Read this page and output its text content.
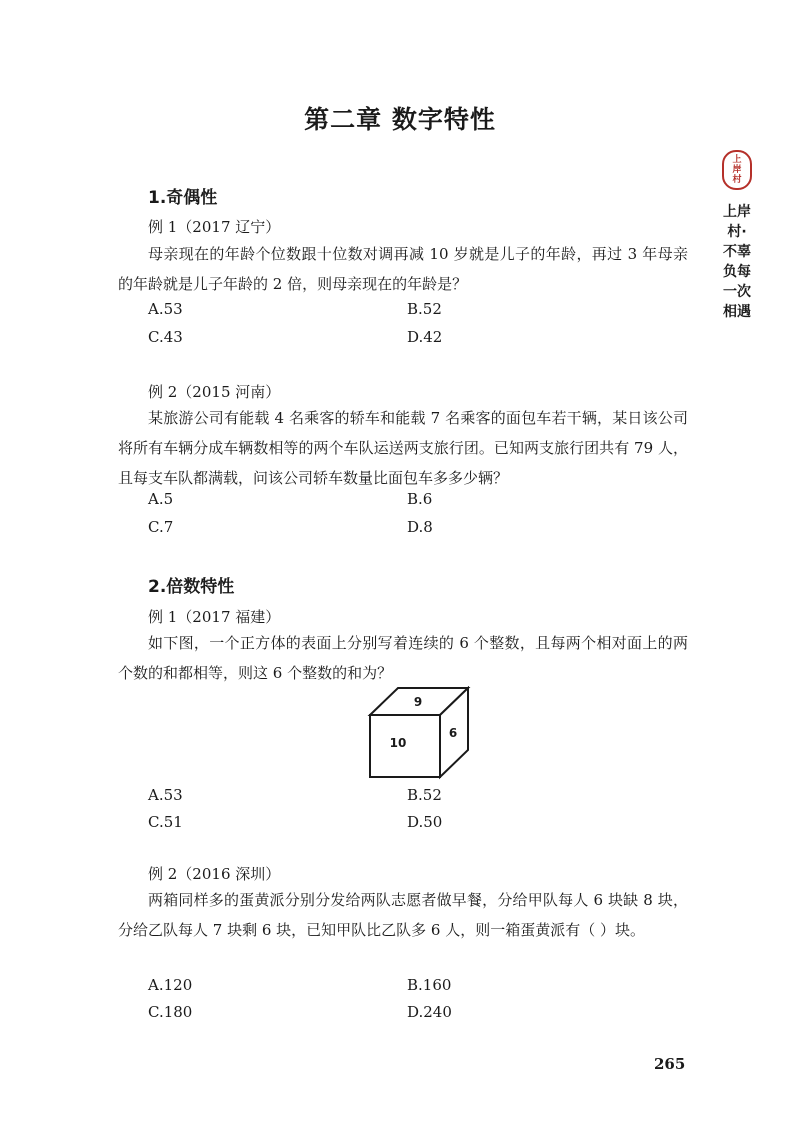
第二章 数字特性
上岸村
上岸村·不辜负每一次相遇
1.奇偶性
例 1（2017 辽宁）

母亲现在的年龄个位数跟十位数对调再减 10 岁就是儿子的年龄，再过 3 年母亲的年龄就是儿子年龄的 2 倍，则母亲现在的年龄是？

A.53	B.52
C.43	D.42
例 2（2015 河南）

某旅游公司有能载 4 名乘客的轿车和能载 7 名乘客的面包车若干辆，某日该公司将所有车辆分成车辆数相等的两个车队运送两支旅行团。已知两支旅行团共有 79 人，且每支车队都满载，问该公司轿车数量比面包车多多少辆？

A.5	B.6
C.7	D.8
2.倍数特性
例 1（2017 福建）

如下图，一个正方体的表面上分别写着连续的 6 个整数，且每两个相对面上的两个数的和都相等，则这 6 个整数的和为？

9
10
6
A.53	B.52
C.51	D.50
例 2（2016 深圳）

两箱同样多的蛋黄派分别分发给两队志愿者做早餐，分给甲队每人 6 块缺 8 块，分给乙队每人 7 块剩 6 块，已知甲队比乙队多 6 人，则一箱蛋黄派有（ ）块。

A.120	B.160
C.180	D.240
265
